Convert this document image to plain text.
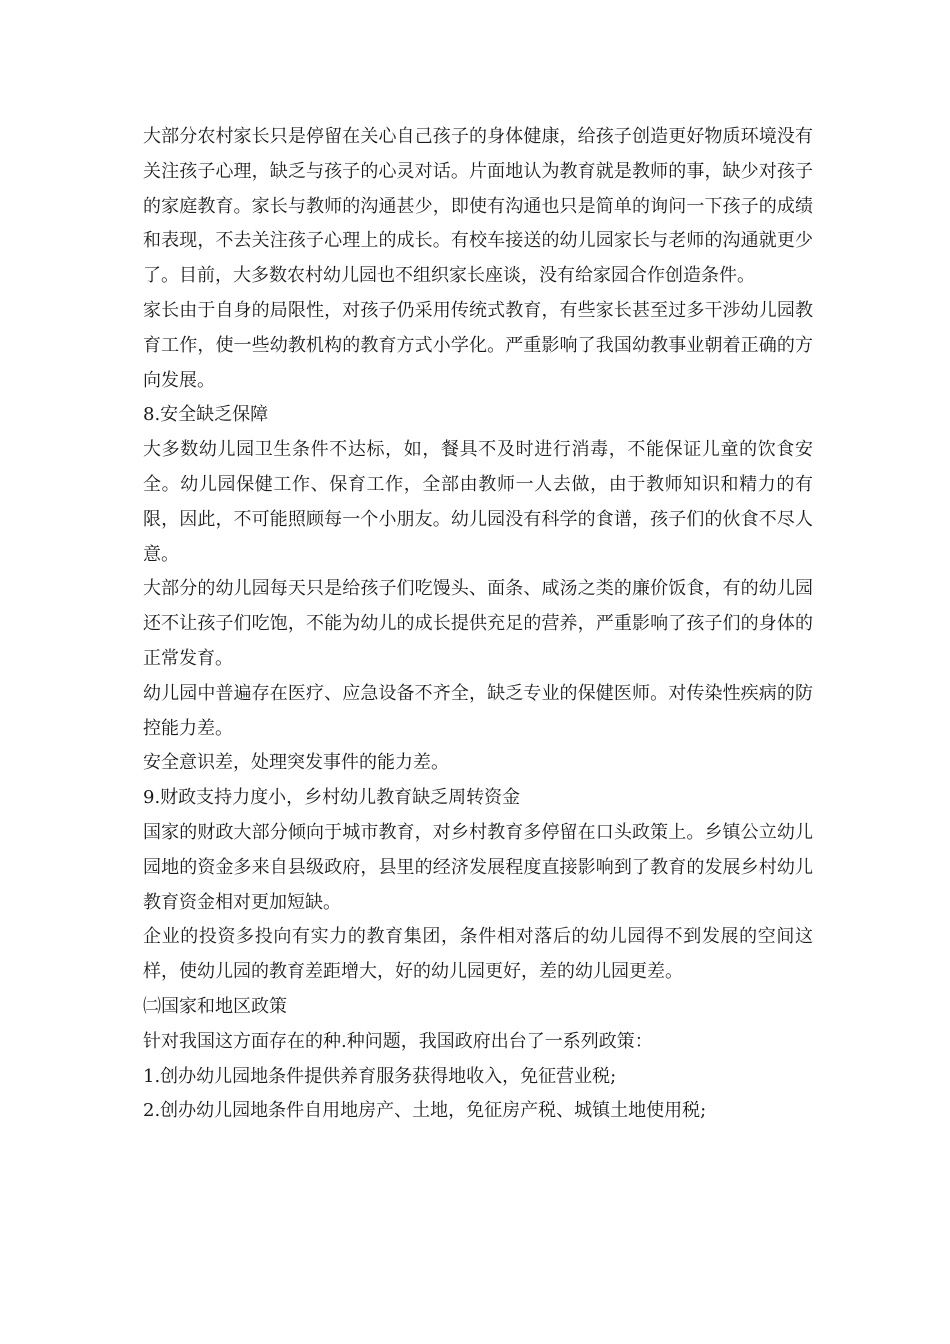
大部分农村家长只是停留在关心自己孩子的身体健康，给孩子创造更好物质环境没有关注孩子心理，缺乏与孩子的心灵对话。片面地认为教育就是教师的事，缺少对孩子的家庭教育。家长与教师的沟通甚少，即使有沟通也只是简单的询问一下孩子的成绩和表现，不去关注孩子心理上的成长。有校车接送的幼儿园家长与老师的沟通就更少了。目前，大多数农村幼儿园也不组织家长座谈，没有给家园合作创造条件。

家长由于自身的局限性，对孩子仍采用传统式教育，有些家长甚至过多干涉幼儿园教育工作，使一些幼教机构的教育方式小学化。严重影响了我国幼教事业朝着正确的方向发展。

8.安全缺乏保障

大多数幼儿园卫生条件不达标，如，餐具不及时进行消毒，不能保证儿童的饮食安全。幼儿园保健工作、保育工作，全部由教师一人去做，由于教师知识和精力的有限，因此，不可能照顾每一个小朋友。幼儿园没有科学的食谱，孩子们的伙食不尽人意。

大部分的幼儿园每天只是给孩子们吃馒头、面条、咸汤之类的廉价饭食，有的幼儿园还不让孩子们吃饱，不能为幼儿的成长提供充足的营养，严重影响了孩子们的身体的正常发育。

幼儿园中普遍存在医疗、应急设备不齐全，缺乏专业的保健医师。对传染性疾病的防控能力差。

安全意识差，处理突发事件的能力差。

9.财政支持力度小，乡村幼儿教育缺乏周转资金

国家的财政大部分倾向于城市教育，对乡村教育多停留在口头政策上。乡镇公立幼儿园地的资金多来自县级政府，县里的经济发展程度直接影响到了教育的发展乡村幼儿教育资金相对更加短缺。

企业的投资多投向有实力的教育集团，条件相对落后的幼儿园得不到发展的空间这样，使幼儿园的教育差距增大，好的幼儿园更好，差的幼儿园更差。

㈡国家和地区政策

针对我国这方面存在的种.种问题，我国政府出台了一系列政策：

1.创办幼儿园地条件提供养育服务获得地收入，免征营业税;

2.创办幼儿园地条件自用地房产、土地，免征房产税、城镇土地使用税;
